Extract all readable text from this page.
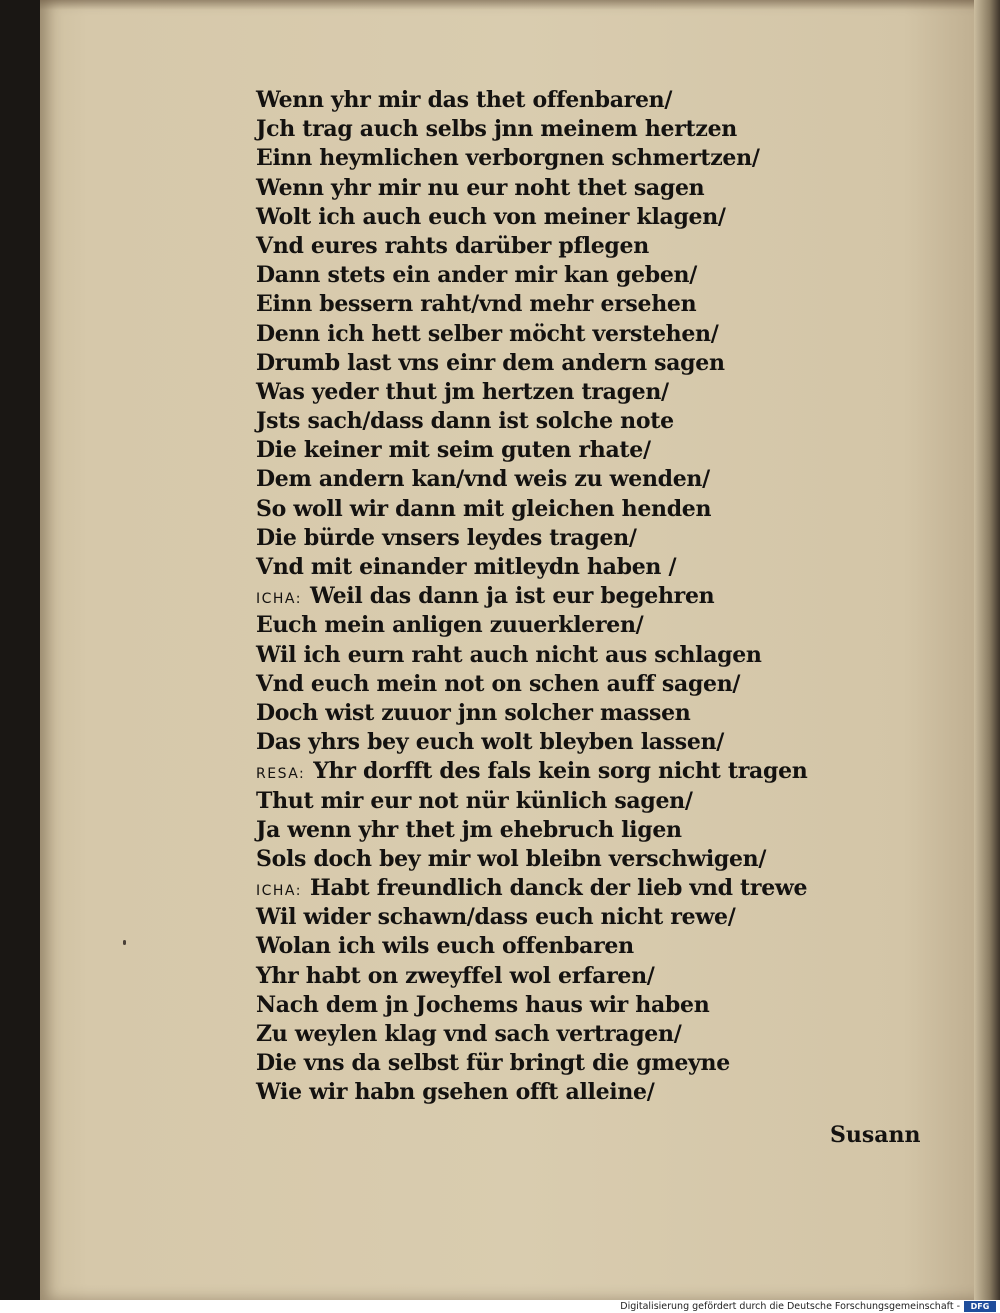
Wenn yhr mir das thet offenbaren/
Jch trag auch selbs jnn meinem hertzen
Einn heymlichen verborgnen schmertzen/
Wenn yhr mir nu eur noht thet sagen
Wolt ich auch euch von meiner klagen/
Vnd eures rahts darüber pflegen
Dann stets ein ander mir kan geben/
Einn bessern raht/vnd mehr ersehen
Denn ich hett selber möcht verstehen/
Drumb last vns einr dem andern sagen
Was yeder thut jm hertzen tragen/
Jsts sach/dass dann ist solche note
Die keiner mit seim guten rhate/
Dem andern kan/vnd weis zu wenden/
So woll wir dann mit gleichen henden
Die bürde vnsers leydes tragen/
Vnd mit einander mitleydn haben /
ICHA: Weil das dann ja ist eur begehren
Euch mein anligen zuuerkleren/
Wil ich eurn raht auch nicht aus schlagen
Vnd euch mein not on schen auff sagen/
Doch wist zuuor jnn solcher massen
Das yhrs bey euch wolt bleyben lassen/
RESA: Yhr dorfft des fals kein sorg nicht tragen
Thut mir eur not nür künlich sagen/
Ja wenn yhr thet jm ehebruch ligen
Sols doch bey mir wol bleibn verschwigen/
ICHA: Habt freundlich danck der lieb vnd trewe
Wil wider schawn/dass euch nicht rewe/
Wolan ich wils euch offenbaren
Yhr habt on zweyffel wol erfaren/
Nach dem jn Jochems haus wir haben
Zu weylen klag vnd sach vertragen/
Die vns da selbst für bringt die gmeyne
Wie wir habn gsehen offt alleine/
Susann
Digitalisierung gefördert durch die Deutsche Forschungsgemeinschaft -	DFG
